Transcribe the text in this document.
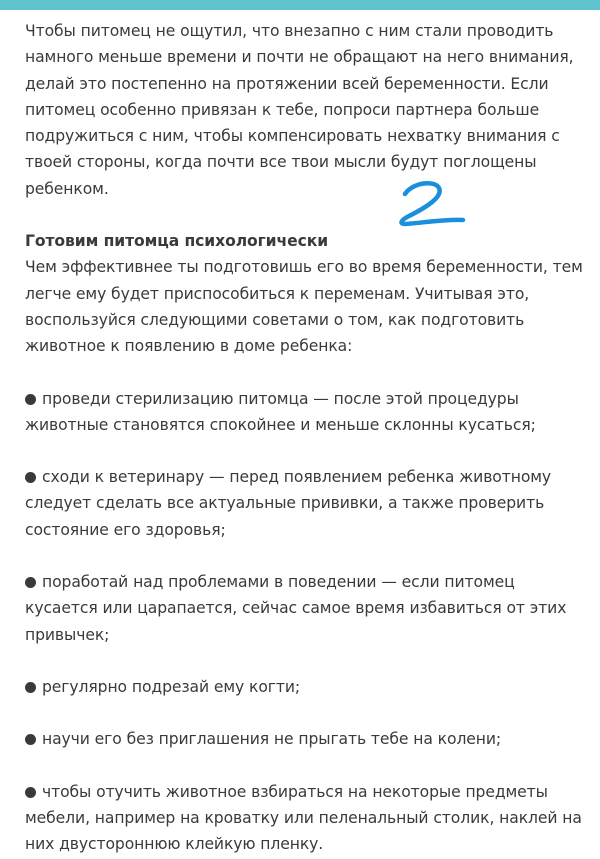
Чтобы питомец не ощутил, что внезапно с ним стали проводить намного меньше времени и почти не обращают на него внимания, делай это постепенно на протяжении всей беременности. Если питомец особенно привязан к тебе, попроси партнера больше подружиться с ним, чтобы компенсировать нехватку внимания с твоей стороны, когда почти все твои мысли будут поглощены ребенком.

Готовим питомца психологически

Чем эффективнее ты подготовишь его во время беременности, тем легче ему будет приспособиться к переменам. Учитывая это, воспользуйся следующими советами о том, как подготовить животное к появлению в доме ребенка:

проведи стерилизацию питомца — после этой процедуры животные становятся спокойнее и меньше склонны кусаться;

сходи к ветеринару — перед появлением ребенка животному следует сделать все актуальные прививки, а также проверить состояние его здоровья;

поработай над проблемами в поведении — если питомец кусается или царапается, сейчас самое время избавиться от этих привычек;

регулярно подрезай ему когти;

научи его без приглашения не прыгать тебе на колени;

чтобы отучить животное взбираться на некоторые предметы мебели, например на кроватку или пеленальный столик, наклей на них двустороннюю клейкую пленку.
